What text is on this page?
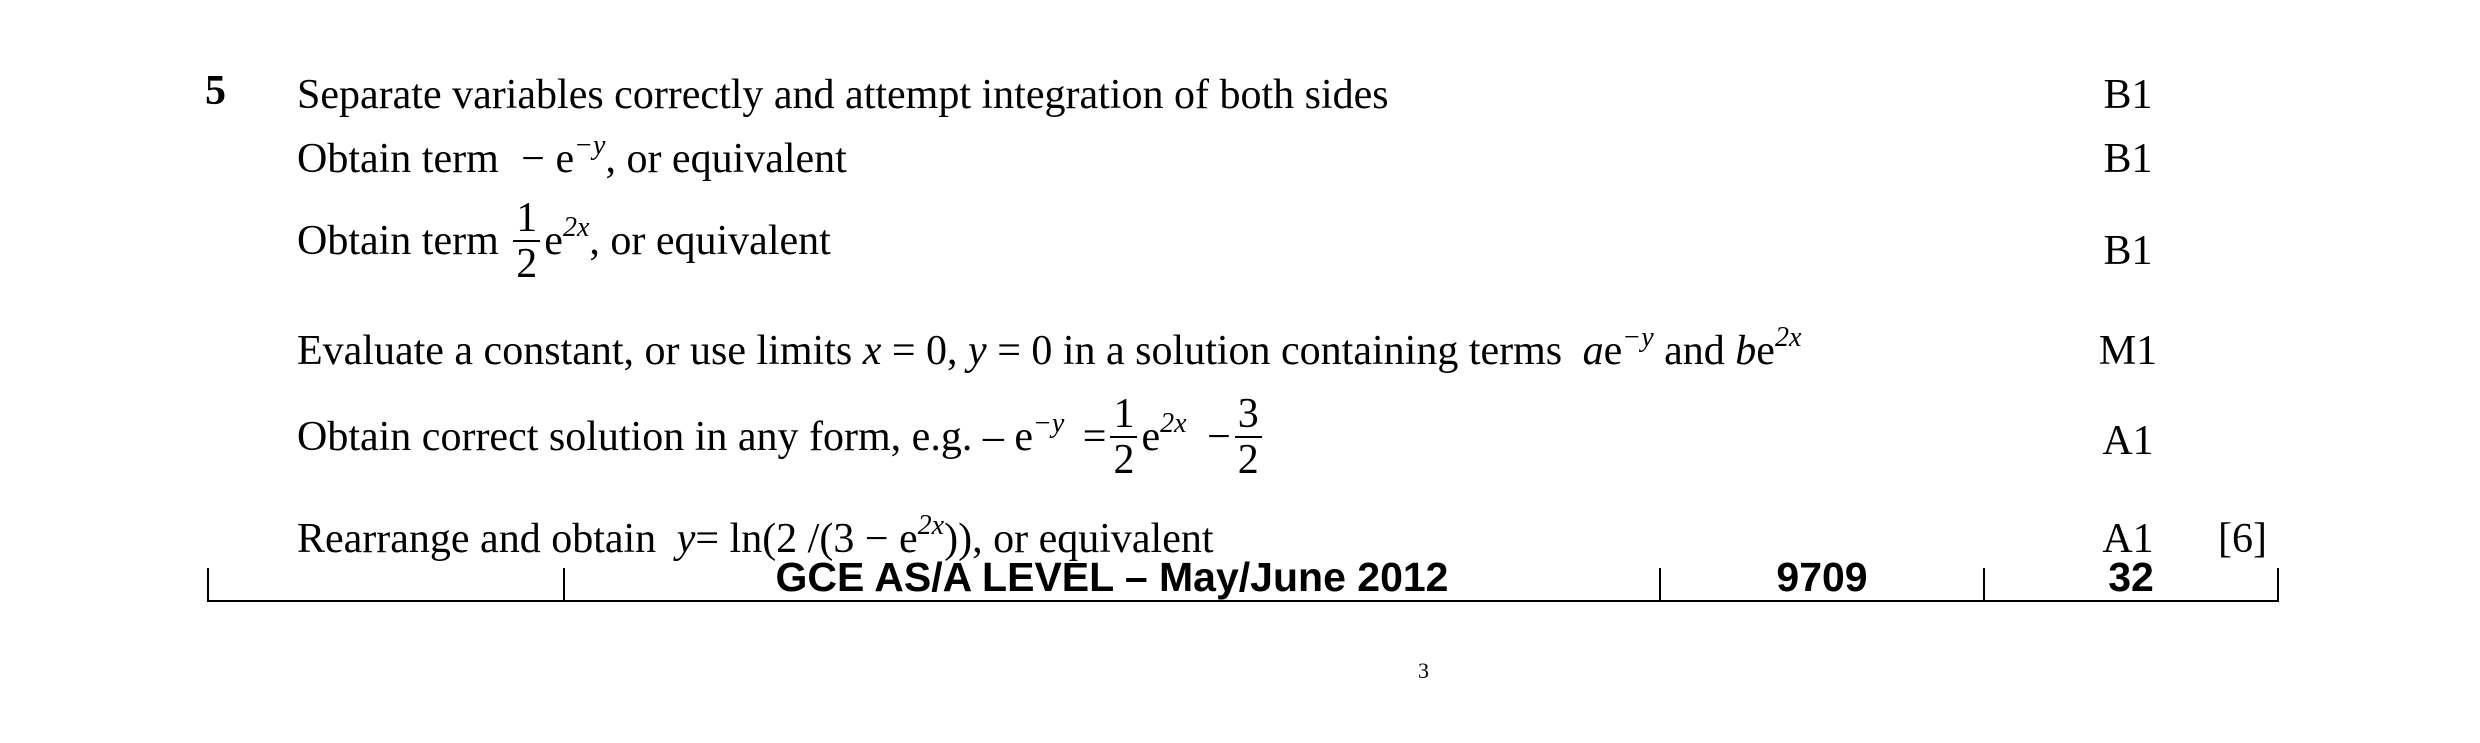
5 Separate variables correctly and attempt integration of both sides	B1
Obtain term − $e^{-y}$, or equivalent	B1
Obtain term $\frac{1}{2} e^{2x}$, or equivalent	B1
Evaluate a constant, or use limits x = 0, y = 0 in a solution containing terms $ae^{-y}$ and $be^{2x}$	M1
Obtain correct solution in any form, e.g. – $e^{-y} = \frac{1}{2} e^{2x} - \frac{3}{2}$	A1
Rearrange and obtain y= ln(2 $/(3 - e^{2x})$), or equivalent	A1	[6]
GCE AS/A LEVEL – May/June 2012	9709	32
3
